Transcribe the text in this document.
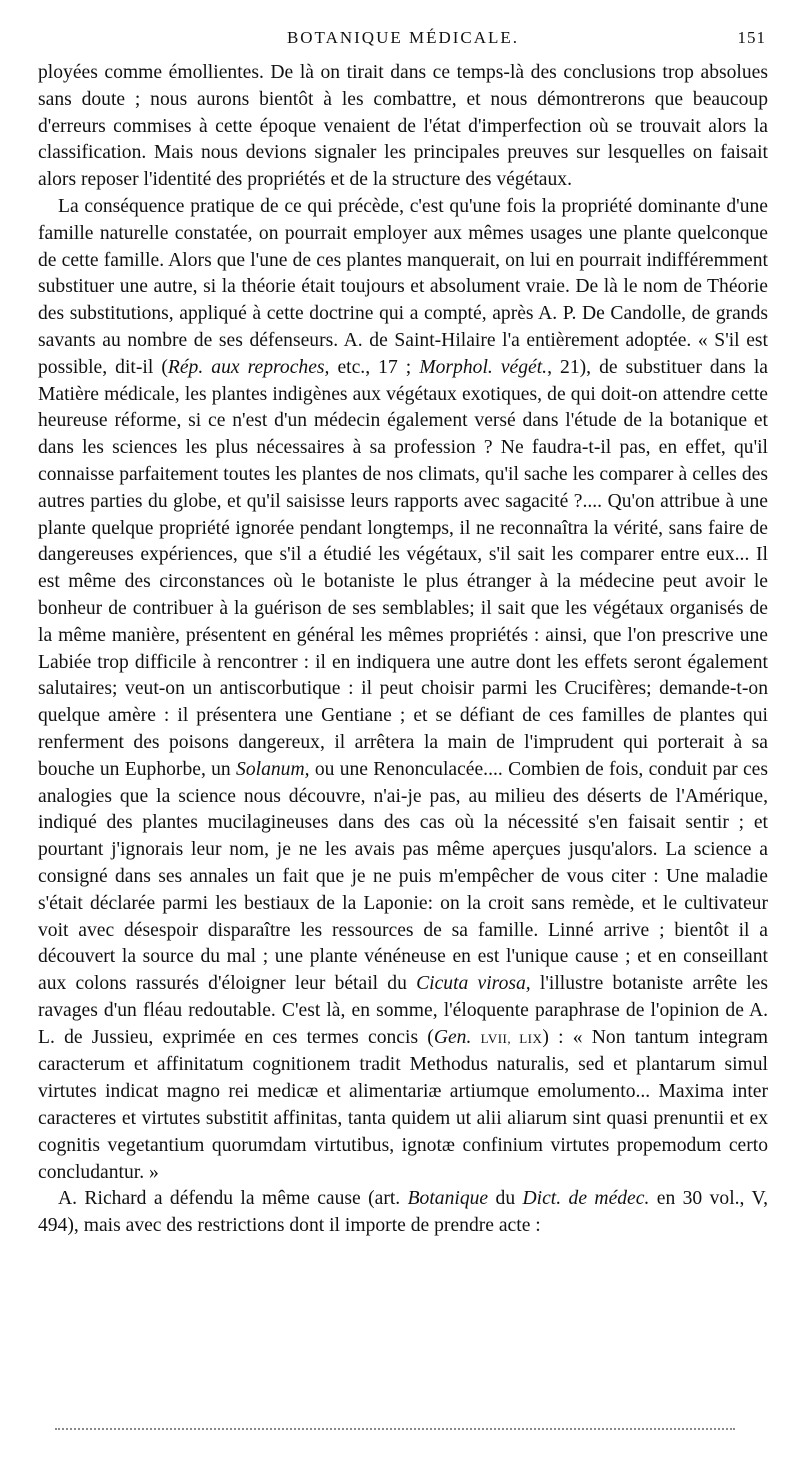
BOTANIQUE MÉDICALE.	151

ployées comme émollientes. De là on tirait dans ce temps-là des conclusions trop absolues sans doute ; nous aurons bientôt à les combattre, et nous démontrerons que beaucoup d'erreurs commises à cette époque venaient de l'état d'imperfection où se trouvait alors la classification. Mais nous devions signaler les principales preuves sur lesquelles on faisait alors reposer l'identité des propriétés et de la structure des végétaux.

La conséquence pratique de ce qui précède, c'est qu'une fois la propriété dominante d'une famille naturelle constatée, on pourrait employer aux mêmes usages une plante quelconque de cette famille. Alors que l'une de ces plantes manquerait, on lui en pourrait indifféremment substituer une autre, si la théorie était toujours et absolument vraie. De là le nom de Théorie des substitutions, appliqué à cette doctrine qui a compté, après A. P. De Candolle, de grands savants au nombre de ses défenseurs. A. de Saint-Hilaire l'a entièrement adoptée. « S'il est possible, dit-il (Rép. aux reproches, etc., 17 ; Morphol. végét., 21), de substituer dans la Matière médicale, les plantes indigènes aux végétaux exotiques, de qui doit-on attendre cette heureuse réforme, si ce n'est d'un médecin également versé dans l'étude de la botanique et dans les sciences les plus nécessaires à sa profession ? Ne faudra-t-il pas, en effet, qu'il connaisse parfaitement toutes les plantes de nos climats, qu'il sache les comparer à celles des autres parties du globe, et qu'il saisisse leurs rapports avec sagacité ?.... Qu'on attribue à une plante quelque propriété ignorée pendant longtemps, il ne reconnaîtra la vérité, sans faire de dangereuses expériences, que s'il a étudié les végétaux, s'il sait les comparer entre eux... Il est même des circonstances où le botaniste le plus étranger à la médecine peut avoir le bonheur de contribuer à la guérison de ses semblables; il sait que les végétaux organisés de la même manière, présentent en général les mêmes propriétés : ainsi, que l'on prescrive une Labiée trop difficile à rencontrer : il en indiquera une autre dont les effets seront également salutaires; veut-on un antiscorbutique : il peut choisir parmi les Crucifères; demande-t-on quelque amère : il présentera une Gentiane ; et se défiant de ces familles de plantes qui renferment des poisons dangereux, il arrêtera la main de l'imprudent qui porterait à sa bouche un Euphorbe, un Solanum, ou une Renonculacée.... Combien de fois, conduit par ces analogies que la science nous découvre, n'ai-je pas, au milieu des déserts de l'Amérique, indiqué des plantes mucilagineuses dans des cas où la nécessité s'en faisait sentir ; et pourtant j'ignorais leur nom, je ne les avais pas même aperçues jusqu'alors. La science a consigné dans ses annales un fait que je ne puis m'empêcher de vous citer : Une maladie s'était déclarée parmi les bestiaux de la Laponie: on la croit sans remède, et le cultivateur voit avec désespoir disparaître les ressources de sa famille. Linné arrive ; bientôt il a découvert la source du mal ; une plante vénéneuse en est l'unique cause ; et en conseillant aux colons rassurés d'éloigner leur bétail du Cicuta virosa, l'illustre botaniste arrête les ravages d'un fléau redoutable. C'est là, en somme, l'éloquente paraphrase de l'opinion de A. L. de Jussieu, exprimée en ces termes concis (Gen. LVII, LIX) : « Non tantum integram caracterum et affinitatum cognitionem tradit Methodus naturalis, sed et plantarum simul virtutes indicat magno rei medicæ et alimentariæ artiumque emolumento... Maxima inter caracteres et virtutes substitit affinitas, tanta quidem ut alii aliarum sint quasi prenuntii et ex cognitis vegetantium quorumdam virtutibus, ignotæ confinium virtutes propemodum certo concludantur. »

A. Richard a défendu la même cause (art. Botanique du Dict. de médec. en 30 vol., V, 494), mais avec des restrictions dont il importe de prendre acte :
